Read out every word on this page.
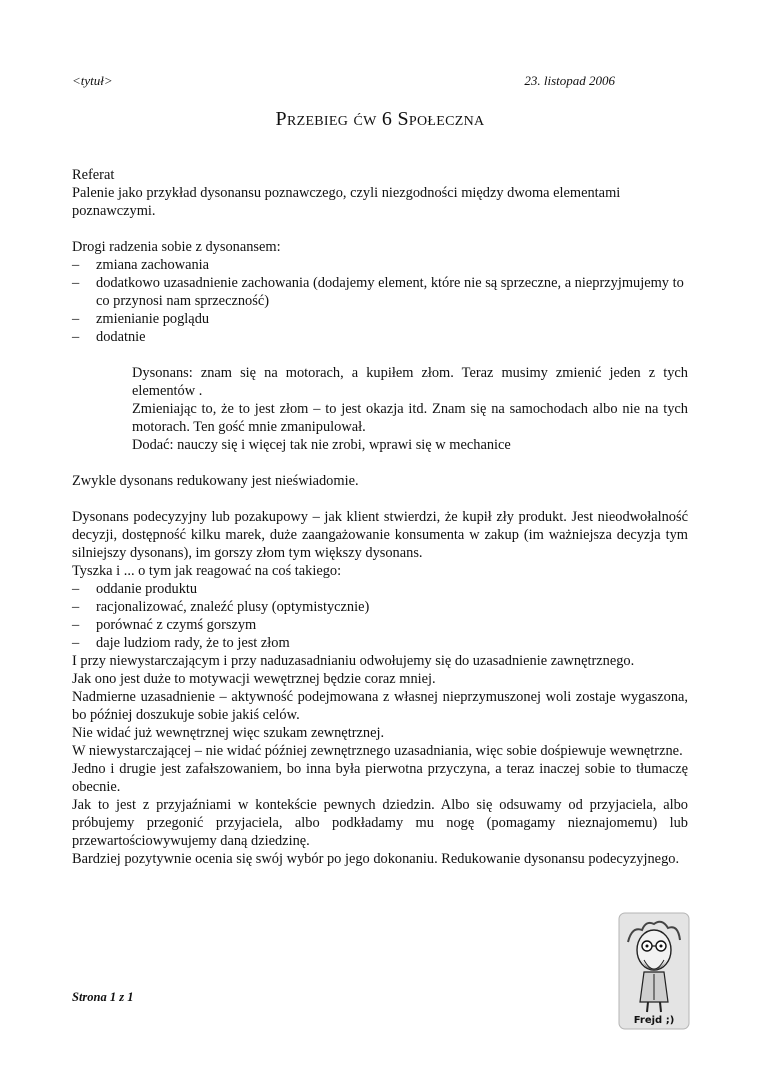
<tytuł>	23. listopad 2006
Przebieg ćw 6 Społeczna

Referat

Palenie jako przykład dysonansu poznawczego, czyli niezgodności między dwoma elementami poznawczymi.

Drogi radzenia sobie z dysonansem:

– zmiana zachowania

– dodatkowo uzasadnienie zachowania (dodajemy element, które nie są sprzeczne, a nieprzyjmujemy to co przynosi nam sprzeczność)

– zmienianie poglądu

– dodatnie

Dysonans: znam się na motorach, a kupiłem złom. Teraz musimy zmienić jeden z tych elementów .

Zmieniając to, że to jest złom – to jest okazja itd. Znam się na samochodach albo nie na tych motorach. Ten gość mnie zmanipulował.

Dodać: nauczy się i więcej tak nie zrobi, wprawi się w mechanice

Zwykle dysonans redukowany jest nieświadomie.

Dysonans podecyzyjny lub pozakupowy – jak klient stwierdzi, że kupił zły produkt. Jest nieodwołalność decyzji, dostępność kilku marek, duże zaangażowanie konsumenta w zakup (im ważniejsza decyzja tym silniejszy dysonans), im gorszy złom tym większy dysonans.

Tyszka i ... o tym jak reagować na coś takiego:

– oddanie produktu

– racjonalizować, znaleźć plusy (optymistycznie)

– porównać z czymś gorszym

– daje ludziom rady, że to jest złom

I przy niewystarczającym i przy naduzasadnianiu odwołujemy się do uzasadnienie zawnętrznego.

Jak ono jest duże to motywacji wewętrznej będzie coraz mniej.

Nadmierne uzasadnienie – aktywność podejmowana z własnej nieprzymuszonej woli zostaje wygaszona, bo później doszukuje sobie jakiś celów.

Nie widać już wewnętrznej więc szukam zewnętrznej.

W niewystarczającej – nie widać później zewnętrznego uzasadniania, więc sobie dośpiewuje wewnętrzne.

Jedno i drugie jest zafałszowaniem, bo inna była pierwotna przyczyna, a teraz inaczej sobie to tłumaczę obecnie.

Jak to jest z przyjaźniami w kontekście pewnych dziedzin. Albo się odsuwamy od przyjaciela, albo próbujemy przegonić przyjaciela, albo podkładamy mu nogę (pomagamy nieznajomemu) lub przewartościowywujemy daną dziedzinę.

Bardziej pozytywnie ocenia się swój wybór po jego dokonaniu. Redukowanie dysonansu podecyzyjnego.

Strona 1 z 1
Frejd ;)
